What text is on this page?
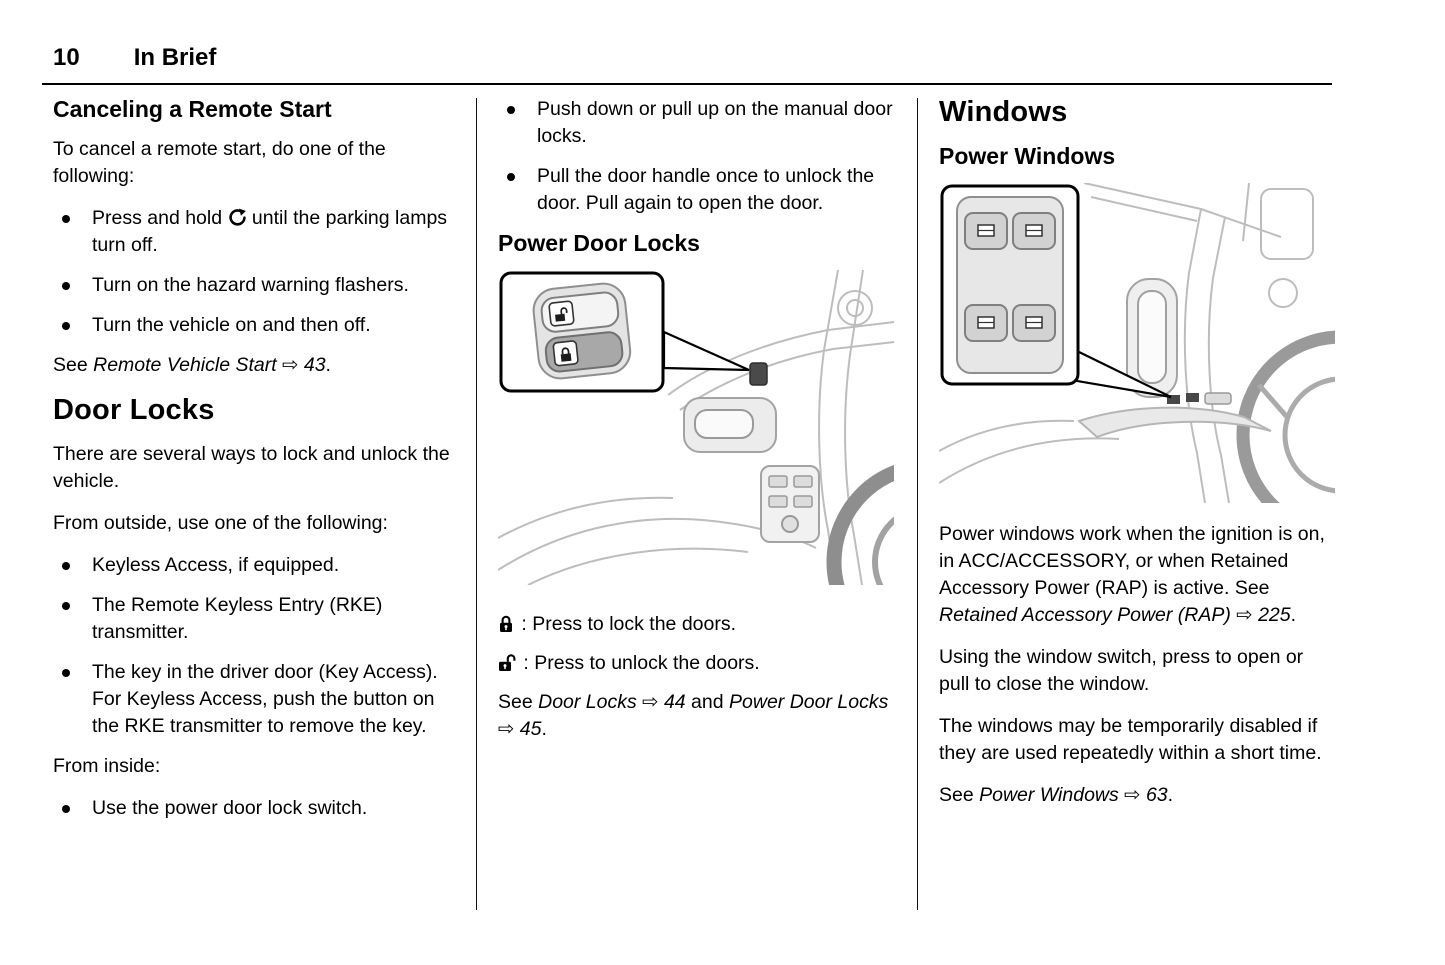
10 In Brief
Canceling a Remote Start

To cancel a remote start, do one of the following:

Press and hold  until the parking lamps turn off.
Turn on the hazard warning flashers.
Turn the vehicle on and then off.

See Remote Vehicle Start ⇨ 43.

Door Locks

There are several ways to lock and unlock the vehicle.

From outside, use one of the following:

Keyless Access, if equipped.
The Remote Keyless Entry (RKE) transmitter.
The key in the driver door (Key Access). For Keyless Access, push the button on the RKE transmitter to remove the key.

From inside:

Use the power door lock switch.
Push down or pull up on the manual door locks.
Pull the door handle once to unlock the door. Pull again to open the door.
Power Door Locks

: Press to lock the doors.

: Press to unlock the doors.

See Door Locks ⇨ 44 and Power Door Locks ⇨ 45.

Windows
Power Windows

Power windows work when the ignition is on, in ACC/ACCESSORY, or when Retained Accessory Power (RAP) is active. See Retained Accessory Power (RAP) ⇨ 225.

Using the window switch, press to open or pull to close the window.

The windows may be temporarily disabled if they are used repeatedly within a short time.

See Power Windows ⇨ 63.
